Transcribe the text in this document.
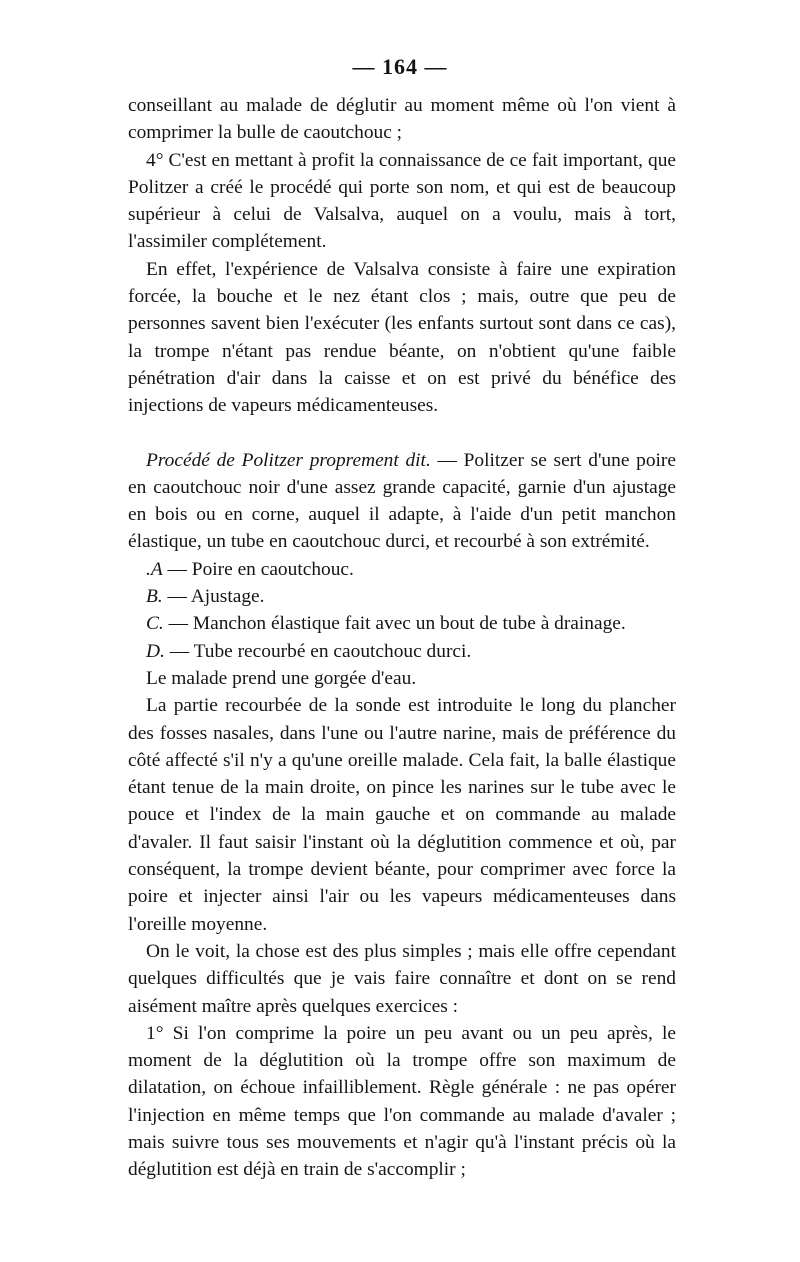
— 164 —
conseillant au malade de déglutir au moment même où l'on vient à comprimer la bulle de caoutchouc ;
4° C'est en mettant à profit la connaissance de ce fait important, que Politzer a créé le procédé qui porte son nom, et qui est de beaucoup supérieur à celui de Valsalva, auquel on a voulu, mais à tort, l'assimiler complétement.
En effet, l'expérience de Valsalva consiste à faire une expiration forcée, la bouche et le nez étant clos ; mais, outre que peu de personnes savent bien l'exécuter (les enfants surtout sont dans ce cas), la trompe n'étant pas rendue béante, on n'obtient qu'une faible pénétration d'air dans la caisse et on est privé du bénéfice des injections de vapeurs médicamenteuses.
Procédé de Politzer proprement dit. — Politzer se sert d'une poire en caoutchouc noir d'une assez grande capacité, garnie d'un ajustage en bois ou en corne, auquel il adapte, à l'aide d'un petit manchon élastique, un tube en caoutchouc durci, et recourbé à son extrémité.
.A — Poire en caoutchouc.
B. — Ajustage.
C. — Manchon élastique fait avec un bout de tube à drainage.
D. — Tube recourbé en caoutchouc durci.
Le malade prend une gorgée d'eau.
La partie recourbée de la sonde est introduite le long du plancher des fosses nasales, dans l'une ou l'autre narine, mais de préférence du côté affecté s'il n'y a qu'une oreille malade. Cela fait, la balle élastique étant tenue de la main droite, on pince les narines sur le tube avec le pouce et l'index de la main gauche et on commande au malade d'avaler. Il faut saisir l'instant où la déglutition commence et où, par conséquent, la trompe devient béante, pour comprimer avec force la poire et injecter ainsi l'air ou les vapeurs médicamenteuses dans l'oreille moyenne.
On le voit, la chose est des plus simples ; mais elle offre cependant quelques difficultés que je vais faire connaître et dont on se rend aisément maître après quelques exercices :
1° Si l'on comprime la poire un peu avant ou un peu après, le moment de la déglutition où la trompe offre son maximum de dilatation, on échoue infailliblement. Règle générale : ne pas opérer l'injection en même temps que l'on commande au malade d'avaler ; mais suivre tous ses mouvements et n'agir qu'à l'instant précis où la déglutition est déjà en train de s'accomplir ;
